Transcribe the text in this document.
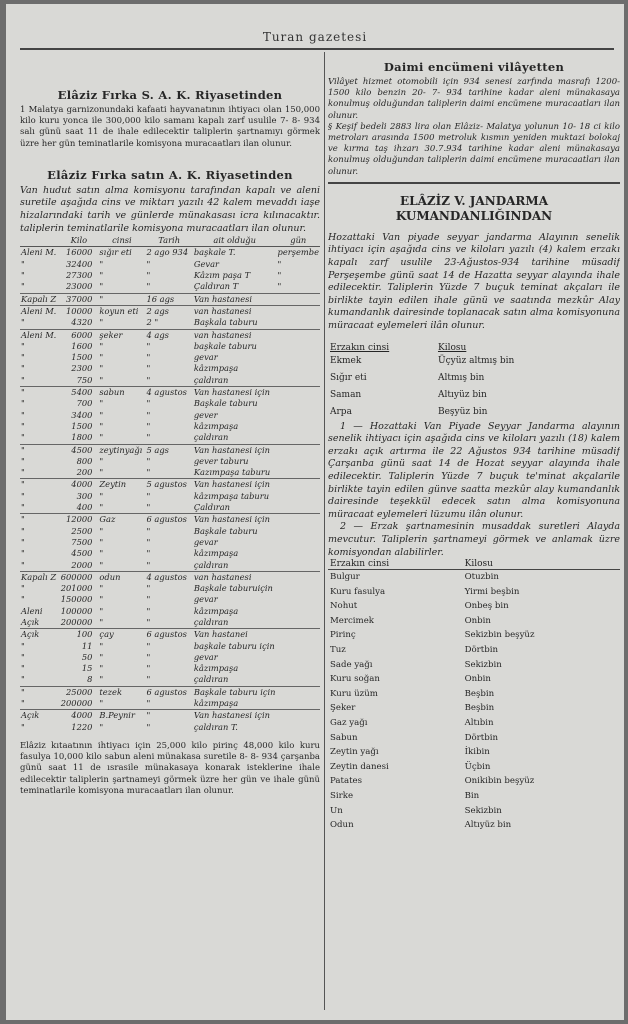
Turan gazetesi
Elâziz Fırka S. A. K. Riyasetinden

1 Malatya garnizonundaki kafaati hayvanatının ihtiyacı olan 150,000 kilo kuru yonca ile 300,000 kilo samanı kapalı zarf usulile 7- 8- 934 salı günü saat 11 de ihale edilecektir taliplerin şartnamıyı görmek üzre her gün teminatlarile komisyona muracaatları ilan olunur.

Elâziz Fırka satın A. K. Riyasetinden

Van hudut satın alma komisyonu tarafından kapalı ve aleni suretile aşağıda cins ve miktarı yazılı 42 kalem mevaddı iaşe hizalarındaki tarih ve günlerde münakasası icra kılınacaktır. taliplerin teminatlarile komisyona muracaatları ilan olunur.

	Kilo	cinsi	Tarih	ait olduğu	gün
Aleni M.	16000	sığır eti	2 ago 934	başkale T.	perşembe
"	32400	"	"	Gevar	"
"	27300	"	"	Kâzım paşa T	"
"	23000	"	"	Çaldıran T	"
Kapalı Z	37000	"	16 ags	Van hastanesi	
Aleni M.	10000	koyun eti	2 ags	van hastanesi	
"	4320	"	2 "	Başkala taburu	
Aleni M.	6000	şeker	4 ags	van hastanesi	
"	1600	"	"	başkale taburu	
"	1500	"	"	gevar	
"	2300	"	"	kâzımpaşa	
"	750	"	"	çaldıran	
"	5400	sabun	4 agustos	Van hastanesi için	
"	700	"	"	Başkale taburu	
"	3400	"	"	gever	
"	1500	"	"	kâzımpaşa	
"	1800	"	"	çaldıran	
"	4500	zeytinyağı	5 ags	Van hastanesi için	
"	800	"	"	gever taburu	
"	200	"	"	Kazımpaşa taburu	
"	4000	Zeytin	5 agustos	Van hastanesi için	
"	300	"	"	kâzımpaşa taburu	
"	400	"	"	Çaldıran	
"	12000	Gaz	6 agustos	Van hastanesi için	
"	2500	"	"	Başkale taburu	
"	7500	"	"	gevar	
"	4500	"	"	kâzımpaşa	
"	2000	"	"	çaldıran	
Kapalı Z	600000	odun	4 agustos	van hastanesi	
"	201000	"	"	Başkale taburuiçin	
"	150000	"	"	gevar	
Aleni	100000	"	"	kâzımpaşa	
Açık	200000	"	"	çaldıran	
Açık	100	çay	6 agustos	Van hastanei	
"	11	"	"	başkale taburu için	
"	50	"	"	gevar	
"	15	"	"	kâzımpaşa	
"	8	"	"	çaldıran	
"	25000	tezek	6 agustos	Başkale taburu için	
"	200000	"	"	kâzımpaşa	
Açık	4000	B.Peynir	"	Van hastanesi için	
"	1220	"	"	çaldıran T.	

Elâziz kıtaatının ihtiyacı için 25,000 kilo pirinç 48,000 kilo kuru fasulya 10,000 kilo sabun aleni münakasa suretile 8- 8- 934 çarşanba günü saat 11 de ısrasile münakasaya konarak isteklerine ihale edilecektir taliplerin şartnameyi görmek üzre her gün ve ihale günü teminatlarile komisyona muracaatları ilan olunur.

Daimi encümeni vilâyetten

Vilâyet hizmet otomobili için 934 senesi zarfında masrafı 1200- 1500 kilo benzin 20- 7- 934 tarihine kadar aleni münakasaya konulmuş olduğundan taliplerin daimi encümene muracaatları ilan olunur.

§ Keşif bedeli 2883 lira olan Elâziz- Malatya yolunun 10- 18 ci kilo metroları arasında 1500 metroluk kısmın yeniden muktazi bolokaj ve kırma taş ihzarı 30.7.934 tarihine kadar aleni münakasaya konulmuş olduğundan taliplerin daimi encümene muracaatları ilan olunur.

ELÂZİZ V. JANDARMA
KUMANDANLIĞINDAN

Hozattaki Van piyade seyyar jandarma Alayının senelik ihtiyacı için aşağıda cins ve kiloları yazılı (4) kalem erzakı kapalı zarf usulile 23-Ağustos-934 tarihine müsadif Perşeşembe günü saat 14 de Hazatta seyyar alayında ihale edilecektir. Taliplerin Yüzde 7 buçuk teminat akçaları ile birlikte tayin edilen ihale günü ve saatında mezkûr Alay kumandanlık dairesinde toplanacak satın alma komisyonuna müracaat eylemeleri ilân olunur.

Erzakın cinsi	Kilosu
Ekmek	Üçyüz altmış bin
Sığır eti	Altmış bin
Saman	Altıyüz bin
Arpa	Beşyüz bin

1 — Hozattaki Van Piyade Seyyar Jandarma alayının senelik ihtiyacı için aşağıda cins ve kiloları yazılı (18) kalem erzakı açık artırma ile 22 Ağustos 934 tarihine müsadif Çarşanba günü saat 14 de Hozat seyyar alayında ihale edilecektir. Taliplerin Yüzde 7 buçuk te'minat akçalarile birlikte tayin edilen günve saatta mezkûr alay kumandanlık dairesinde teşekkül edecek satın alma komisyonuna müracaat eylemeleri lüzumu ilân olunur.

2 — Erzak şartnamesinin musaddak suretleri Alayda mevcutur. Taliplerin şartnameyi görmek ve anlamak üzre komisyondan alabilirler.

Erzakın cinsi	Kilosu
Bulgur	Otuzbin
Kuru fasulya	Yirmi beşbin
Nohut	Onbeş bin
Mercimek	Onbin
Pirinç	Sekizbin beşyüz
Tuz	Dörtbin
Sade yağı	Sekizbin
Kuru soğan	Onbin
Kuru üzüm	Beşbin
Şeker	Beşbin
Gaz yağı	Altıbin
Sabun	Dörtbin
Zeytin yağı	İkibin
Zeytin danesi	Üçbin
Patates	Onikibin beşyüz
Sirke	Bin
Un	Sekizbin
Odun	Altıyüz bin
